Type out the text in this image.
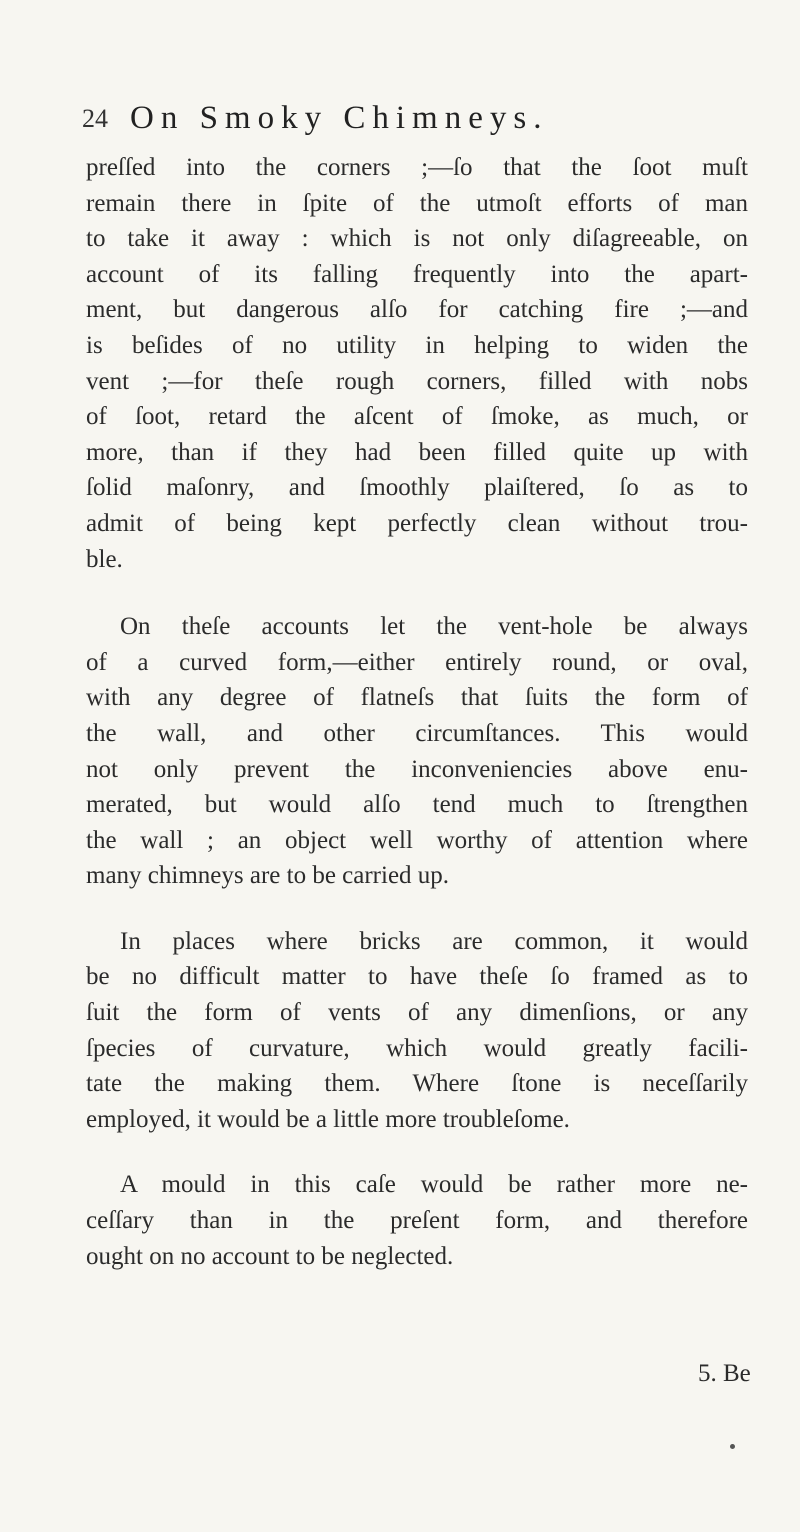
24 On Smoky Chimneys.

preſſed into the corners ;—ſo that the ſoot muſt
remain there in ſpite of the utmoſt efforts of man
to take it away : which is not only diſagreeable, on
account of its falling frequently into the apart-
ment, but dangerous alſo for catching fire ;—and
is beſides of no utility in helping to widen the
vent ;—for theſe rough corners, filled with nobs
of ſoot, retard the aſcent of ſmoke, as much, or
more, than if they had been filled quite up with
ſolid maſonry, and ſmoothly plaiſtered, ſo as to
admit of being kept perfectly clean without trou-
ble.

On theſe accounts let the vent-hole be always
of a curved form,—either entirely round, or oval,
with any degree of flatneſs that ſuits the form of
the wall, and other circumſtances. This would
not only prevent the inconveniencies above enu-
merated, but would alſo tend much to ſtrengthen
the wall ; an object well worthy of attention where
many chimneys are to be carried up.

In places where bricks are common, it would
be no difficult matter to have theſe ſo framed as to
ſuit the form of vents of any dimenſions, or any
ſpecies of curvature, which would greatly facili-
tate the making them. Where ſtone is neceſſarily
employed, it would be a little more troubleſome.

A mould in this caſe would be rather more ne-
ceſſary than in the preſent form, and therefore
ought on no account to be neglected.

5. Be
